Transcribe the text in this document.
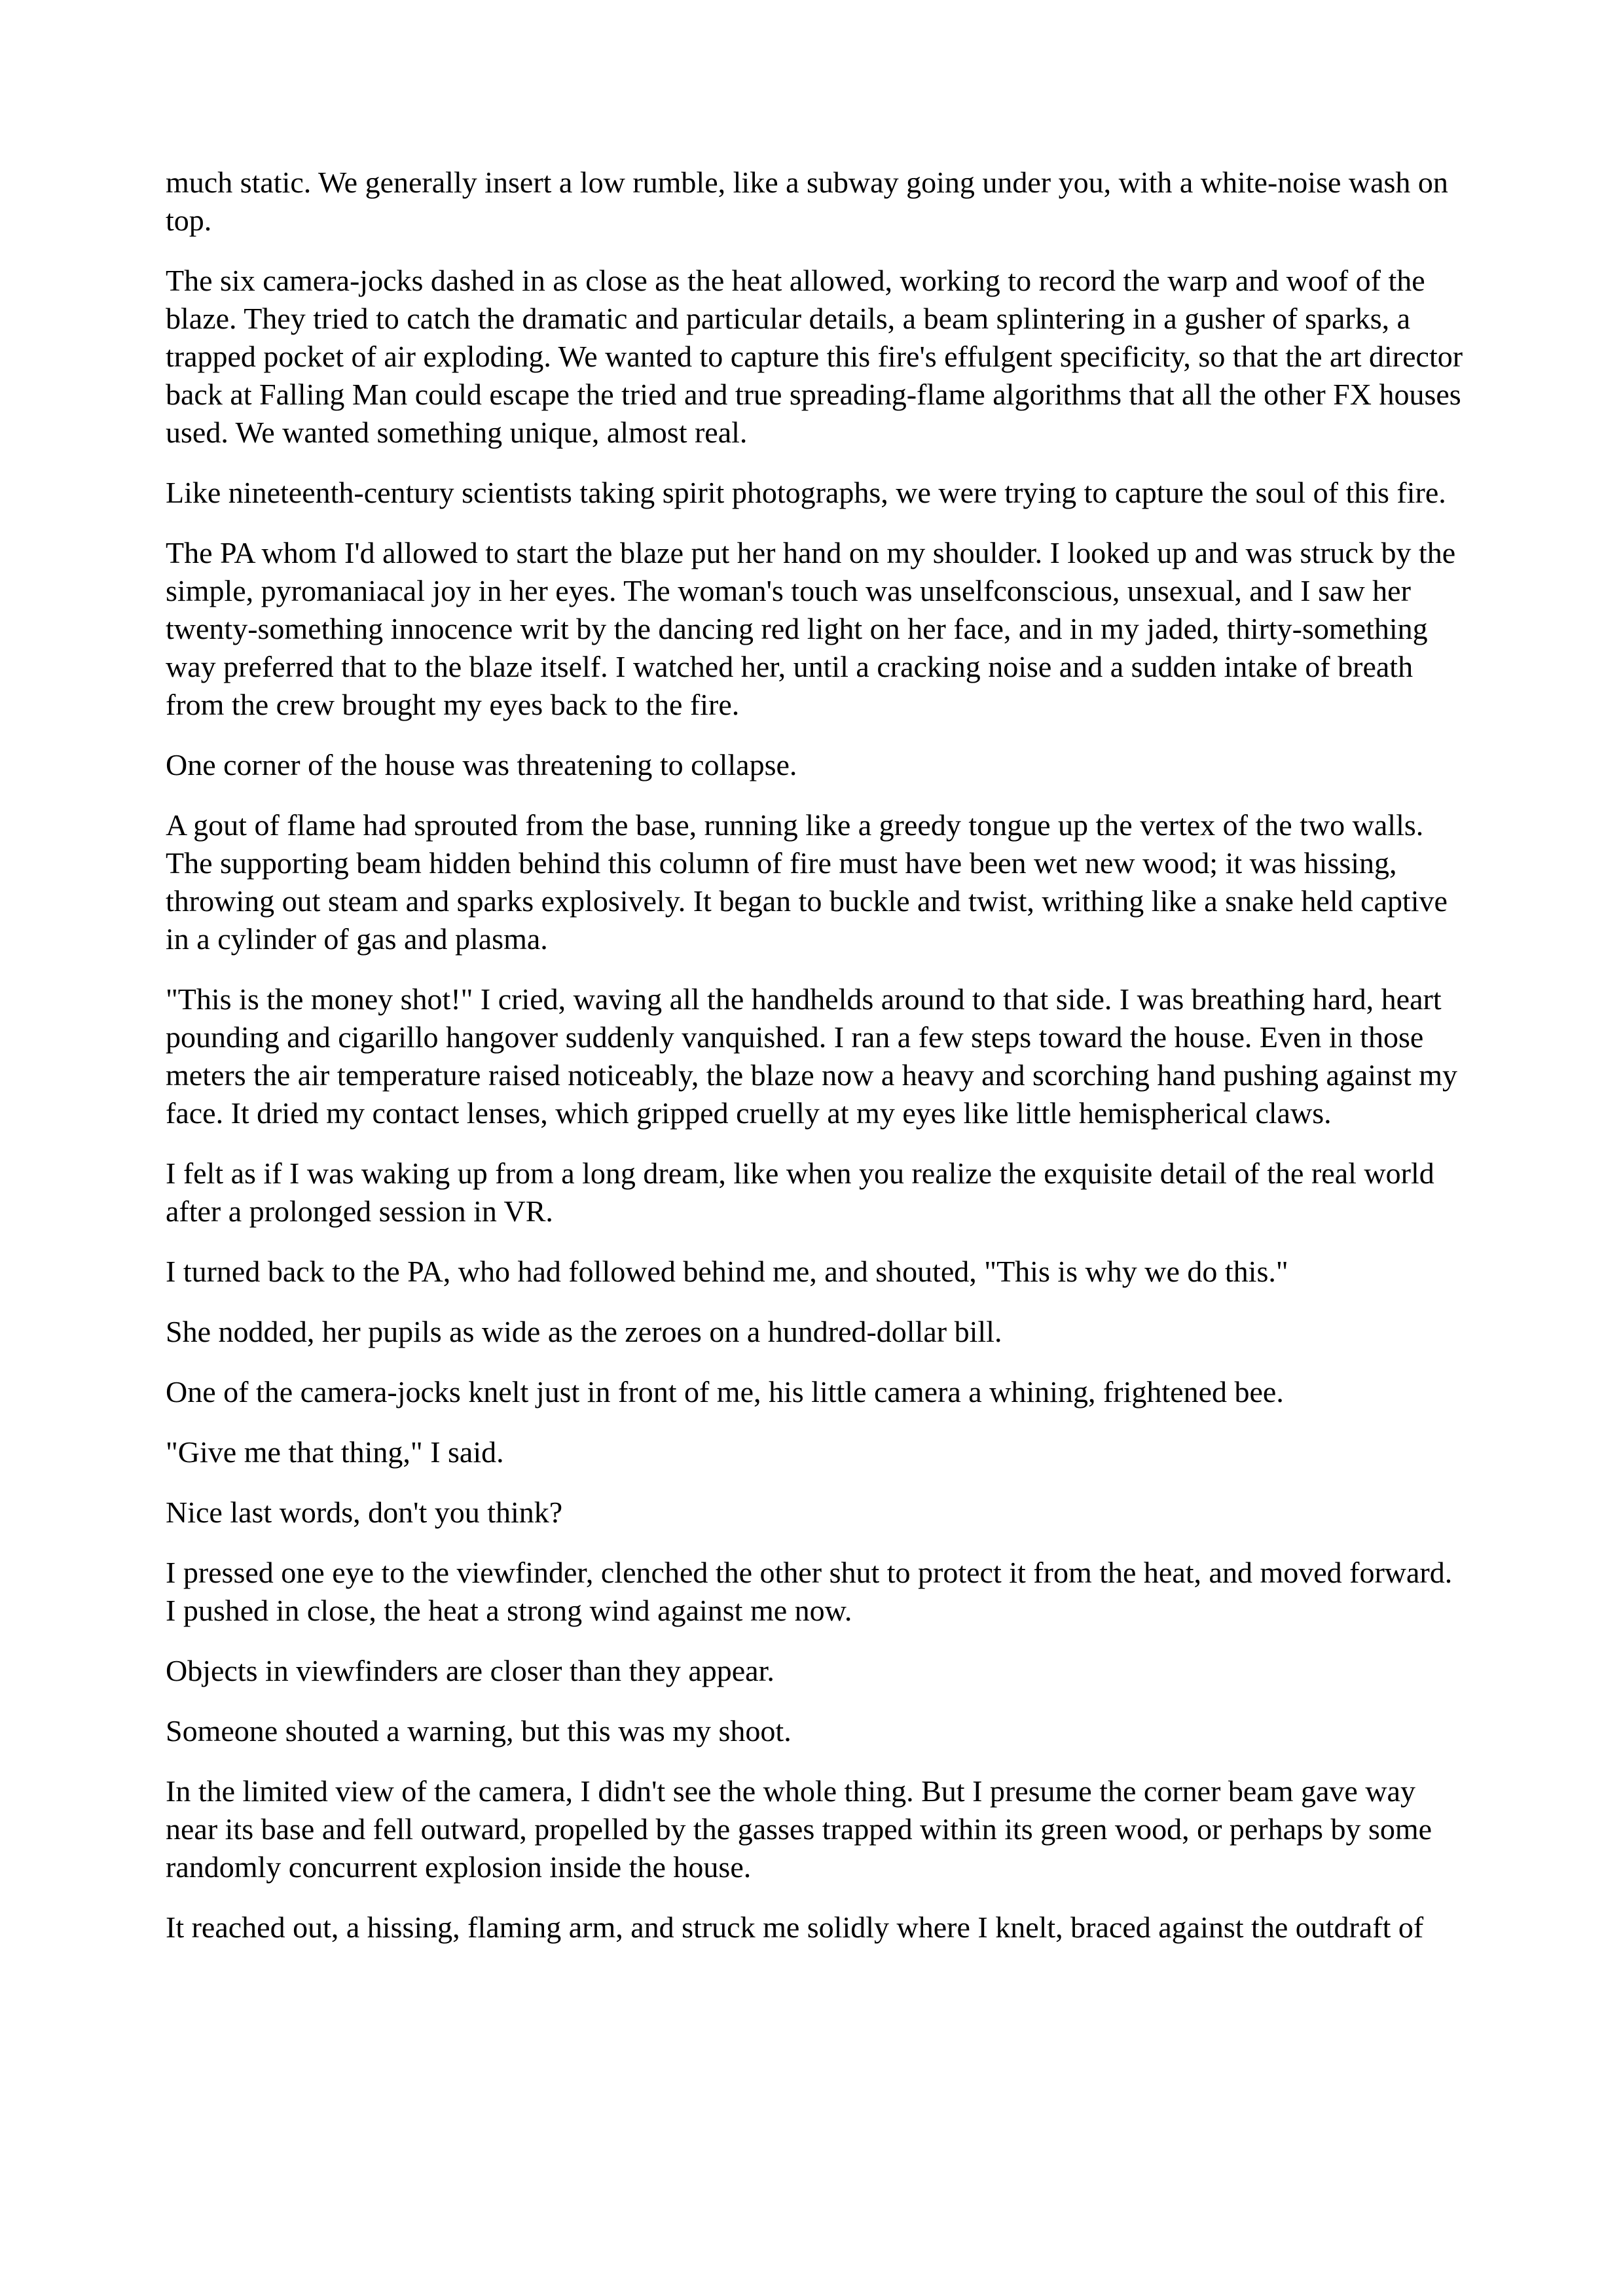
much static. We generally insert a low rumble, like a subway going under you, with a white-noise wash on top.

The six camera-jocks dashed in as close as the heat allowed, working to record the warp and woof of the blaze. They tried to catch the dramatic and particular details, a beam splintering in a gusher of sparks, a trapped pocket of air exploding. We wanted to capture this fire's effulgent specificity, so that the art director back at Falling Man could escape the tried and true spreading-flame algorithms that all the other FX houses used. We wanted something unique, almost real.

Like nineteenth-century scientists taking spirit photographs, we were trying to capture the soul of this fire.

The PA whom I'd allowed to start the blaze put her hand on my shoulder. I looked up and was struck by the simple, pyromaniacal joy in her eyes. The woman's touch was unselfconscious, unsexual, and I saw her twenty-something innocence writ by the dancing red light on her face, and in my jaded, thirty-something way preferred that to the blaze itself. I watched her, until a cracking noise and a sudden intake of breath from the crew brought my eyes back to the fire.

One corner of the house was threatening to collapse.

A gout of flame had sprouted from the base, running like a greedy tongue up the vertex of the two walls. The supporting beam hidden behind this column of fire must have been wet new wood; it was hissing, throwing out steam and sparks explosively. It began to buckle and twist, writhing like a snake held captive in a cylinder of gas and plasma.

"This is the money shot!" I cried, waving all the handhelds around to that side. I was breathing hard, heart pounding and cigarillo hangover suddenly vanquished. I ran a few steps toward the house. Even in those meters the air temperature raised noticeably, the blaze now a heavy and scorching hand pushing against my face. It dried my contact lenses, which gripped cruelly at my eyes like little hemispherical claws.

I felt as if I was waking up from a long dream, like when you realize the exquisite detail of the real world after a prolonged session in VR.

I turned back to the PA, who had followed behind me, and shouted, "This is why we do this."

She nodded, her pupils as wide as the zeroes on a hundred-dollar bill.

One of the camera-jocks knelt just in front of me, his little camera a whining, frightened bee.

"Give me that thing," I said.

Nice last words, don't you think?

I pressed one eye to the viewfinder, clenched the other shut to protect it from the heat, and moved forward. I pushed in close, the heat a strong wind against me now.

Objects in viewfinders are closer than they appear.

Someone shouted a warning, but this was my shoot.

In the limited view of the camera, I didn't see the whole thing. But I presume the corner beam gave way near its base and fell outward, propelled by the gasses trapped within its green wood, or perhaps by some randomly concurrent explosion inside the house.

It reached out, a hissing, flaming arm, and struck me solidly where I knelt, braced against the outdraft of
